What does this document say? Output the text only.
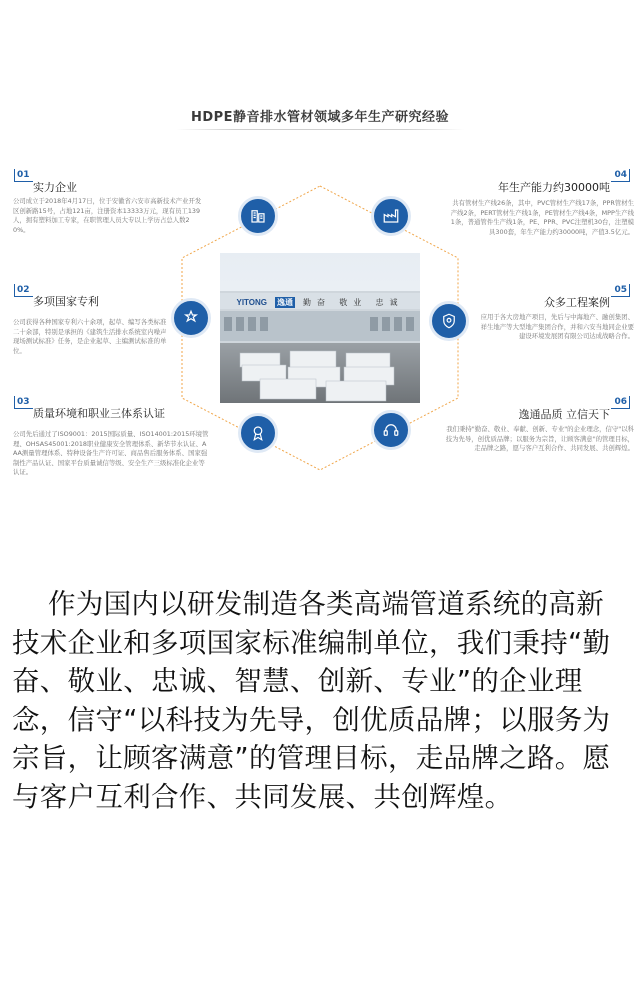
HDPE静音排水管材领域多年生产研究经验
01
实力企业
公司成立于2018年4月17日，位于安徽省六安市高新技术产业开发区创新路15号，占地121亩，注册资本13333万元，现有员工139人，拥有塑料加工专家，在职管理人员大专以上学历占总人数20%。
02
多项国家专利
公司获得各种国家专利六十余项，起草、编写各类标准二十余部，特别是承担的《建筑生活排水系统室内噪声现场测试标准》任务，是企业起草、主编测试标准的单位。
03
质量环境和职业三体系认证
公司先后通过了ISO9001：2015国际质量、ISO14001:2015环境管理、OHSAS45001:2018职业健康安全管理体系、新华节水认证、AAA测量管理体系、特种设备生产许可证、商品售后服务体系、国家强制性产品认证、国家平台质量诚信等级、安全生产三级标准化企业等认证。
04
年生产能力约30000吨
共有管材生产线26条，其中，PVC管材生产线17条，PPR管材生产线2条，PERT管材生产线1条，PE管材生产线4条，MPP生产线1条，普通管件生产线1条，PE、PPR、PVC注塑机30台，注塑模具300套，年生产能力约30000吨，产值3.5亿元。
05
众多工程案例
应用于各大房地产项目，先后与中海地产、融创集团、祥生地产等大型地产集团合作，并和六安当地同企业要建设环境发展团有限公司达成战略合作。
06
逸通品质 立信天下
我们秉持"勤奋、敬业、奉献、创新、专业"的企业理念，信守"以科技为先导，创优质品牌；以服务为宗旨，让顾客满意"的管理目标，走品牌之路，愿与客户互利合作、共同发展、共创辉煌。
YITONG 逸通 勤奋 敬业 忠诚
作为国内以研发制造各类高端管道系统的高新技术企业和多项国家标准编制单位，我们秉持“勤奋、敬业、忠诚、智慧、创新、专业”的企业理念，信守“以科技为先导，创优质品牌；以服务为宗旨，让顾客满意”的管理目标，走品牌之路。愿与客户互利合作、共同发展、共创辉煌。
